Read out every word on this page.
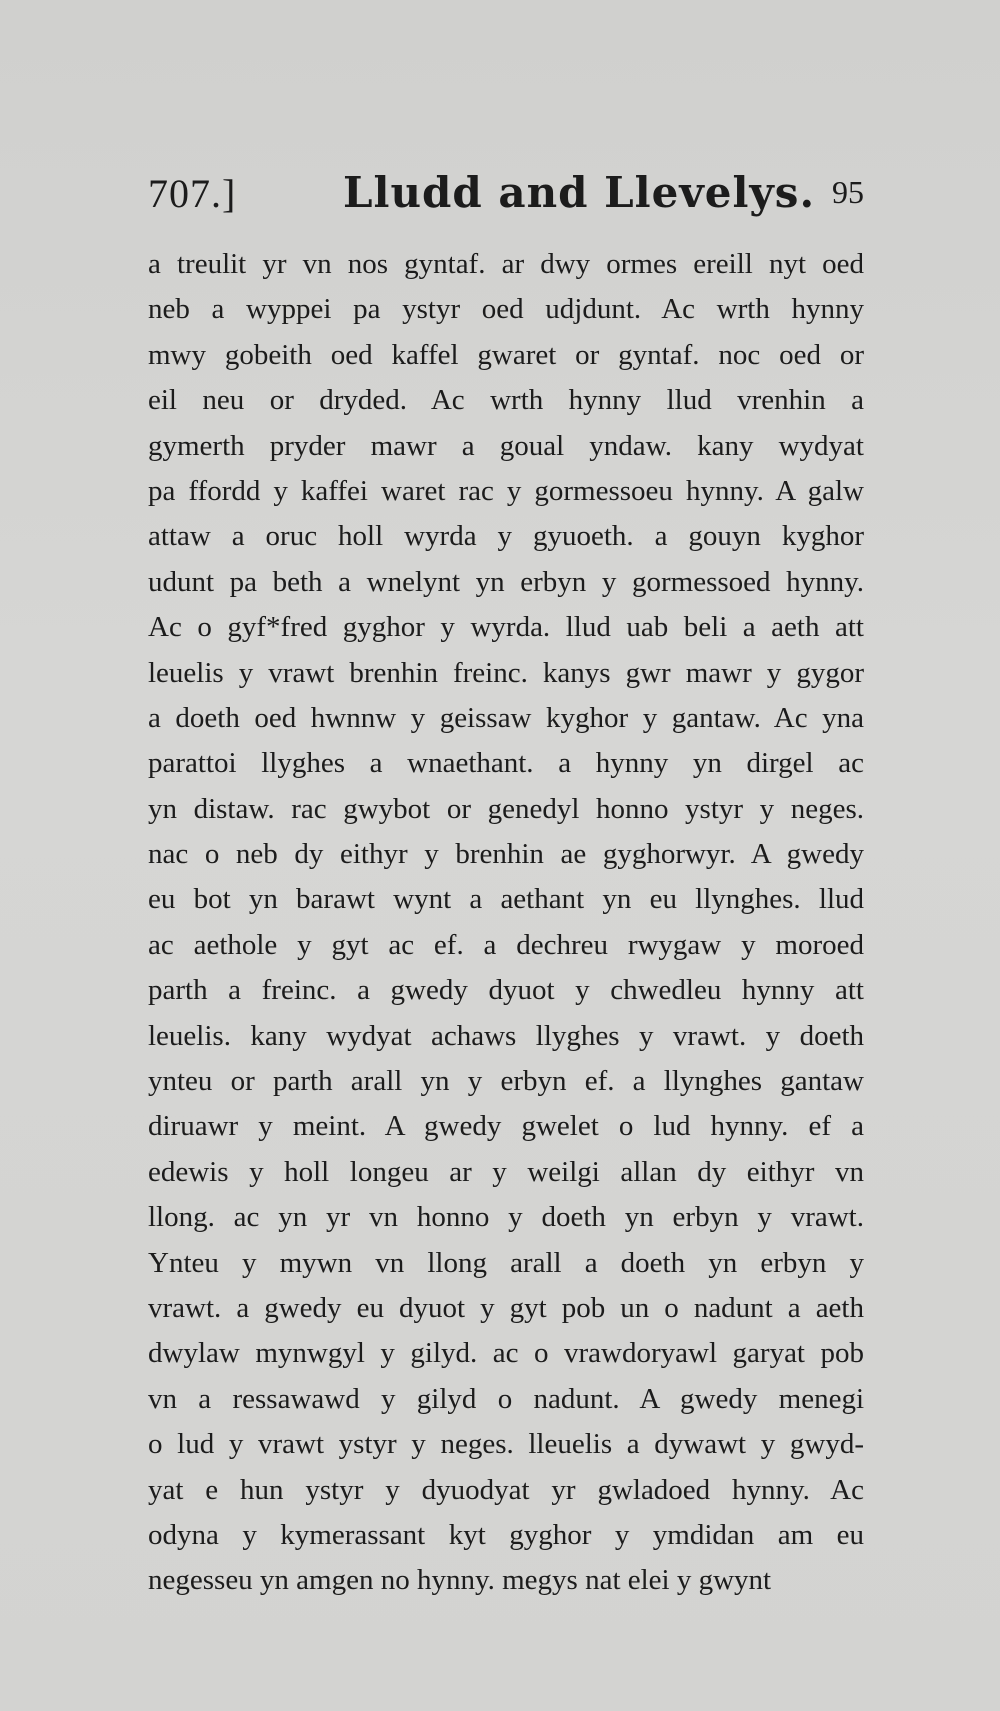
707.]	Lludd and Llevelys. 95
a treulit yr vn nos gyntaf. ar dwy ormes ereill nyt oed
neb a wyppei pa ystyr oed udjdunt. Ac wrth hynny
mwy gobeith oed kaffel gwaret or gyntaf. noc oed or
eil neu or dryded. Ac wrth hynny llud vrenhin a
gymerth pryder mawr a goual yndaw. kany wydyat
pa ffordd y kaffei waret rac y gormessoeu hynny. A galw
attaw a oruc holl wyrda y gyuoeth. a gouyn kyghor
udunt pa beth a wnelynt yn erbyn y gormessoed hynny.
Ac o gyf*fred gyghor y wyrda. llud uab beli a aeth att
leuelis y vrawt brenhin freinc. kanys gwr mawr y gygor
a doeth oed hwnnw y geissaw kyghor y gantaw. Ac yna
parattoi llyghes a wnaethant. a hynny yn dirgel ac
yn distaw. rac gwybot or genedyl honno ystyr y neges.
nac o neb dy eithyr y brenhin ae gyghorwyr. A gwedy
eu bot yn barawt wynt a aethant yn eu llynghes. llud
ac aethole y gyt ac ef. a dechreu rwygaw y moroed
parth a freinc. a gwedy dyuot y chwedleu hynny att
leuelis. kany wydyat achaws llyghes y vrawt. y doeth
ynteu or parth arall yn y erbyn ef. a llynghes gantaw
diruawr y meint. A gwedy gwelet o lud hynny. ef a
edewis y holl longeu ar y weilgi allan dy eithyr vn
llong. ac yn yr vn honno y doeth yn erbyn y vrawt.
Ynteu y mywn vn llong arall a doeth yn erbyn y
vrawt. a gwedy eu dyuot y gyt pob un o nadunt a aeth
dwylaw mynwgyl y gilyd. ac o vrawdoryawl garyat pob
vn a ressawawd y gilyd o nadunt. A gwedy menegi
o lud y vrawt ystyr y neges. lleuelis a dywawt y gwyd-
yat e hun ystyr y dyuodyat yr gwladoed hynny. Ac
odyna y kymerassant kyt gyghor y ymdidan am eu
negesseu yn amgen no hynny. megys nat elei y gwynt
